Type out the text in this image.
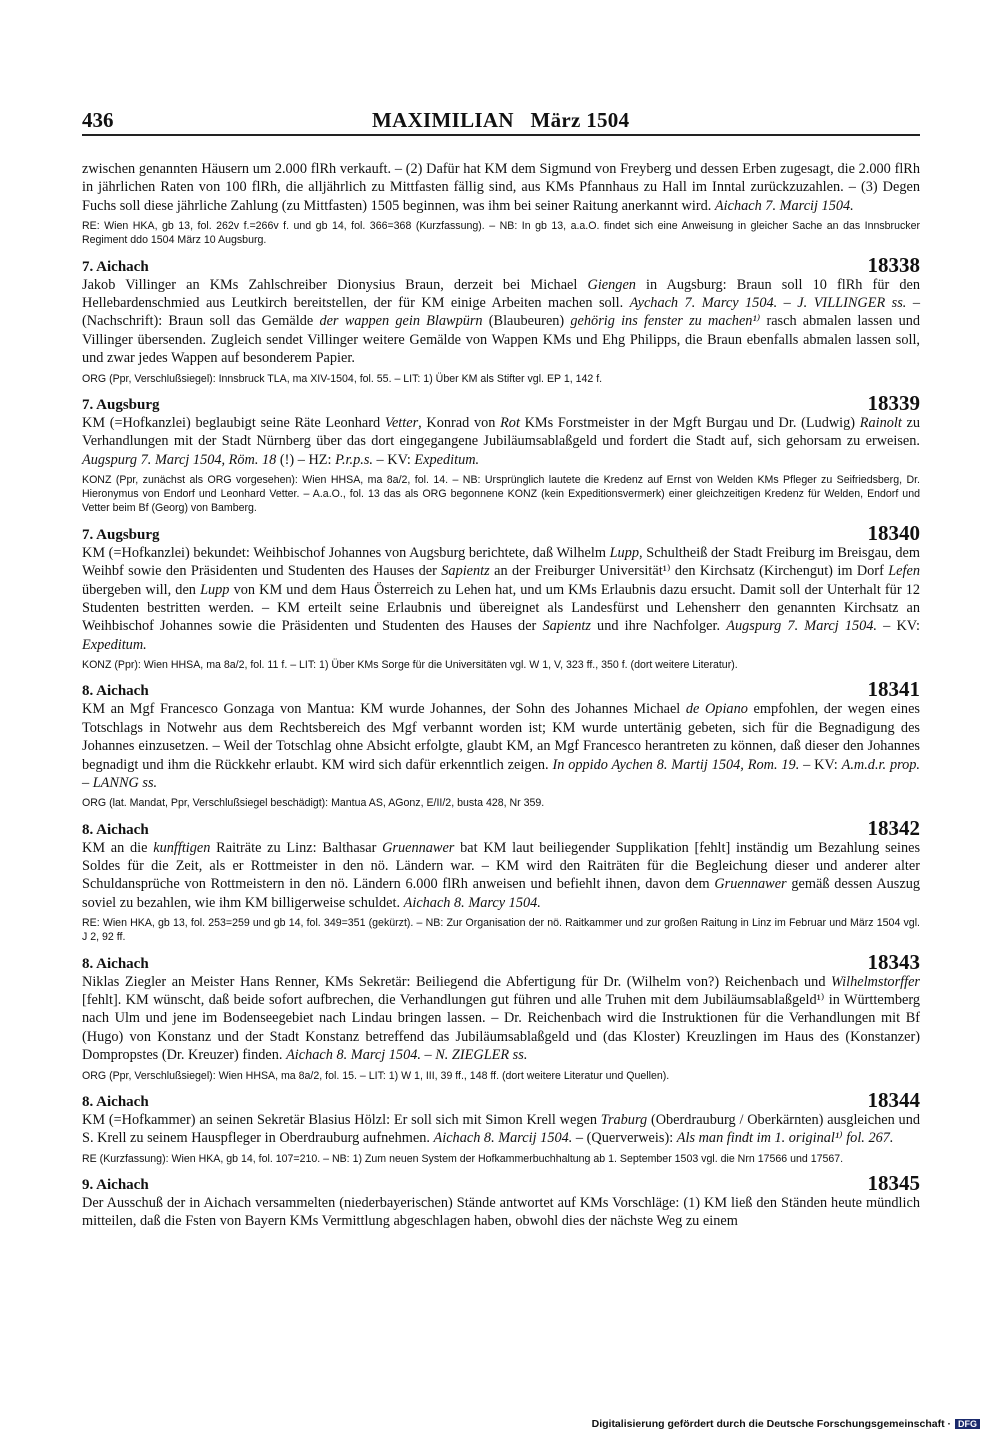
436	MAXIMILIAN   März 1504

zwischen genannten Häusern um 2.000 flRh verkauft. – (2) Dafür hat KM dem Sigmund von Freyberg und dessen Erben zugesagt, die 2.000 flRh in jährlichen Raten von 100 flRh, die alljährlich zu Mittfasten fällig sind, aus KMs Pfannhaus zu Hall im Inntal zurückzuzahlen. – (3) Degen Fuchs soll diese jährliche Zahlung (zu Mittfasten) 1505 beginnen, was ihm bei seiner Raitung anerkannt wird. Aichach 7. Marcij 1504.

RE: Wien HKA, gb 13, fol. 262v f.=266v f. und gb 14, fol. 366=368 (Kurzfassung). – NB: In gb 13, a.a.O. findet sich eine Anweisung in gleicher Sache an das Innsbrucker Regiment ddo 1504 März 10 Augsburg.

7. Aichach	18338

Jakob Villinger an KMs Zahlschreiber Dionysius Braun, derzeit bei Michael Giengen in Augsburg: Braun soll 10 flRh für den Hellebardenschmied aus Leutkirch bereitstellen, der für KM einige Arbeiten machen soll. Aychach 7. Marcy 1504. – J. VILLINGER ss. – (Nachschrift): Braun soll das Gemälde der wappen gein Blawpürn (Blaubeuren) gehörig ins fenster zu machen¹⁾ rasch abmalen lassen und Villinger übersenden. Zugleich sendet Villinger weitere Gemälde von Wappen KMs und Ehg Philipps, die Braun ebenfalls abmalen lassen soll, und zwar jedes Wappen auf besonderem Papier.

ORG (Ppr, Verschlußsiegel): Innsbruck TLA, ma XIV-1504, fol. 55. – LIT: 1) Über KM als Stifter vgl. EP 1, 142 f.

7. Augsburg	18339

KM (=Hofkanzlei) beglaubigt seine Räte Leonhard Vetter, Konrad von Rot KMs Forstmeister in der Mgft Burgau und Dr. (Ludwig) Rainolt zu Verhandlungen mit der Stadt Nürnberg über das dort eingegangene Jubiläumsablaßgeld und fordert die Stadt auf, sich gehorsam zu erweisen. Augspurg 7. Marcj 1504, Röm. 18 (!) – HZ: P.r.p.s. – KV: Expeditum.

KONZ (Ppr, zunächst als ORG vorgesehen): Wien HHSA, ma 8a/2, fol. 14. – NB: Ursprünglich lautete die Kredenz auf Ernst von Welden KMs Pfleger zu Seifriedsberg, Dr. Hieronymus von Endorf und Leonhard Vetter. – A.a.O., fol. 13 das als ORG begonnene KONZ (kein Expeditionsvermerk) einer gleichzeitigen Kredenz für Welden, Endorf und Vetter beim Bf (Georg) von Bamberg.

7. Augsburg	18340

KM (=Hofkanzlei) bekundet: Weihbischof Johannes von Augsburg berichtete, daß Wilhelm Lupp, Schultheiß der Stadt Freiburg im Breisgau, dem Weihbf sowie den Präsidenten und Studenten des Hauses der Sapientz an der Freiburger Universität¹⁾ den Kirchsatz (Kirchengut) im Dorf Lefen übergeben will, den Lupp von KM und dem Haus Österreich zu Lehen hat, und um KMs Erlaubnis dazu ersucht. Damit soll der Unterhalt für 12 Studenten bestritten werden. – KM erteilt seine Erlaubnis und übereignet als Landesfürst und Lehensherr den genannten Kirchsatz an Weihbischof Johannes sowie die Präsidenten und Studenten des Hauses der Sapientz und ihre Nachfolger. Augspurg 7. Marcj 1504. – KV: Expeditum.

KONZ (Ppr): Wien HHSA, ma 8a/2, fol. 11 f. – LIT: 1) Über KMs Sorge für die Universitäten vgl. W 1, V, 323 ff., 350 f. (dort weitere Literatur).

8. Aichach	18341

KM an Mgf Francesco Gonzaga von Mantua: KM wurde Johannes, der Sohn des Johannes Michael de Opiano empfohlen, der wegen eines Totschlags in Notwehr aus dem Rechtsbereich des Mgf verbannt worden ist; KM wurde untertänig gebeten, sich für die Begnadigung des Johannes einzusetzen. – Weil der Totschlag ohne Absicht erfolgte, glaubt KM, an Mgf Francesco herantreten zu können, daß dieser den Johannes begnadigt und ihm die Rückkehr erlaubt. KM wird sich dafür erkenntlich zeigen. In oppido Aychen 8. Martij 1504, Rom. 19. – KV: A.m.d.r. prop. – LANNG ss.

ORG (lat. Mandat, Ppr, Verschlußsiegel beschädigt): Mantua AS, AGonz, E/II/2, busta 428, Nr 359.

8. Aichach	18342

KM an die kunfftigen Raiträte zu Linz: Balthasar Gruennawer bat KM laut beiliegender Supplikation [fehlt] inständig um Bezahlung seines Soldes für die Zeit, als er Rottmeister in den nö. Ländern war. – KM wird den Raiträten für die Begleichung dieser und anderer alter Schuldansprüche von Rottmeistern in den nö. Ländern 6.000 flRh anweisen und befiehlt ihnen, davon dem Gruennawer gemäß dessen Auszug soviel zu bezahlen, wie ihm KM billigerweise schuldet. Aichach 8. Marcy 1504.

RE: Wien HKA, gb 13, fol. 253=259 und gb 14, fol. 349=351 (gekürzt). – NB: Zur Organisation der nö. Raitkammer und zur großen Raitung in Linz im Februar und März 1504 vgl. J 2, 92 ff.

8. Aichach	18343

Niklas Ziegler an Meister Hans Renner, KMs Sekretär: Beiliegend die Abfertigung für Dr. (Wilhelm von?) Reichenbach und Wilhelmstorffer [fehlt]. KM wünscht, daß beide sofort aufbrechen, die Verhandlungen gut führen und alle Truhen mit dem Jubiläumsablaßgeld¹⁾ in Württemberg nach Ulm und jene im Bodenseegebiet nach Lindau bringen lassen. – Dr. Reichenbach wird die Instruktionen für die Verhandlungen mit Bf (Hugo) von Konstanz und der Stadt Konstanz betreffend das Jubiläumsablaßgeld und (das Kloster) Kreuzlingen im Haus des (Konstanzer) Dompropstes (Dr. Kreuzer) finden. Aichach 8. Marcj 1504. – N. ZIEGLER ss.

ORG (Ppr, Verschlußsiegel): Wien HHSA, ma 8a/2, fol. 15. – LIT: 1) W 1, III, 39 ff., 148 ff. (dort weitere Literatur und Quellen).

8. Aichach	18344

KM (=Hofkammer) an seinen Sekretär Blasius Hölzl: Er soll sich mit Simon Krell wegen Traburg (Oberdrauburg / Oberkärnten) ausgleichen und S. Krell zu seinem Hauspfleger in Oberdrauburg aufnehmen. Aichach 8. Marcij 1504. – (Querverweis): Als man findt im 1. original¹⁾ fol. 267.

RE (Kurzfassung): Wien HKA, gb 14, fol. 107=210. – NB: 1) Zum neuen System der Hofkammerbuchhaltung ab 1. September 1503 vgl. die Nrn 17566 und 17567.

9. Aichach	18345

Der Ausschuß der in Aichach versammelten (niederbayerischen) Stände antwortet auf KMs Vorschläge: (1) KM ließ den Ständen heute mündlich mitteilen, daß die Fsten von Bayern KMs Vermittlung abgeschlagen haben, obwohl dies der nächste Weg zu einem

Digitalisierung gefördert durch die Deutsche Forschungsgemeinschaft · DFG
